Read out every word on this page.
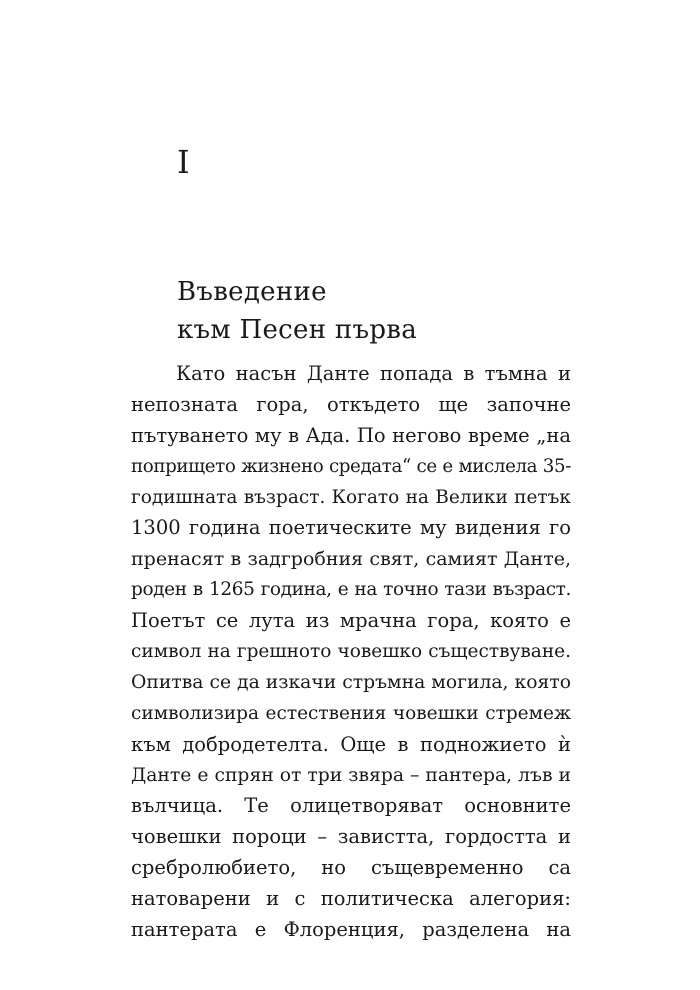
I
Въведение
към Песен първа
Като насън Данте попада в тъмна и
непозната гора, откъдето ще започне
пътуването му в Ада. По негово време „на
попрището жизнено средата“ се е мислела 35-
годишната възраст. Когато на Велики петък
1300 година поетическите му видения го
пренасят в задгробния свят, самият Данте,
роден в 1265 година, е на точно тази възраст.
Поетът се лута из мрачна гора, която е
символ на грешното човешко съществуване.
Опитва се да изкачи стръмна могила, която
символизира естествения човешки стремеж
към добродетелта. Още в подножието ѝ
Данте е спрян от три звяра – пантера, лъв и
вълчица. Те олицетворяват основните
човешки пороци – завистта, гордостта и
сребролюбието, но същевременно са
натоварени и с политическа алегория:
пантерата е Флоренция, разделена на
